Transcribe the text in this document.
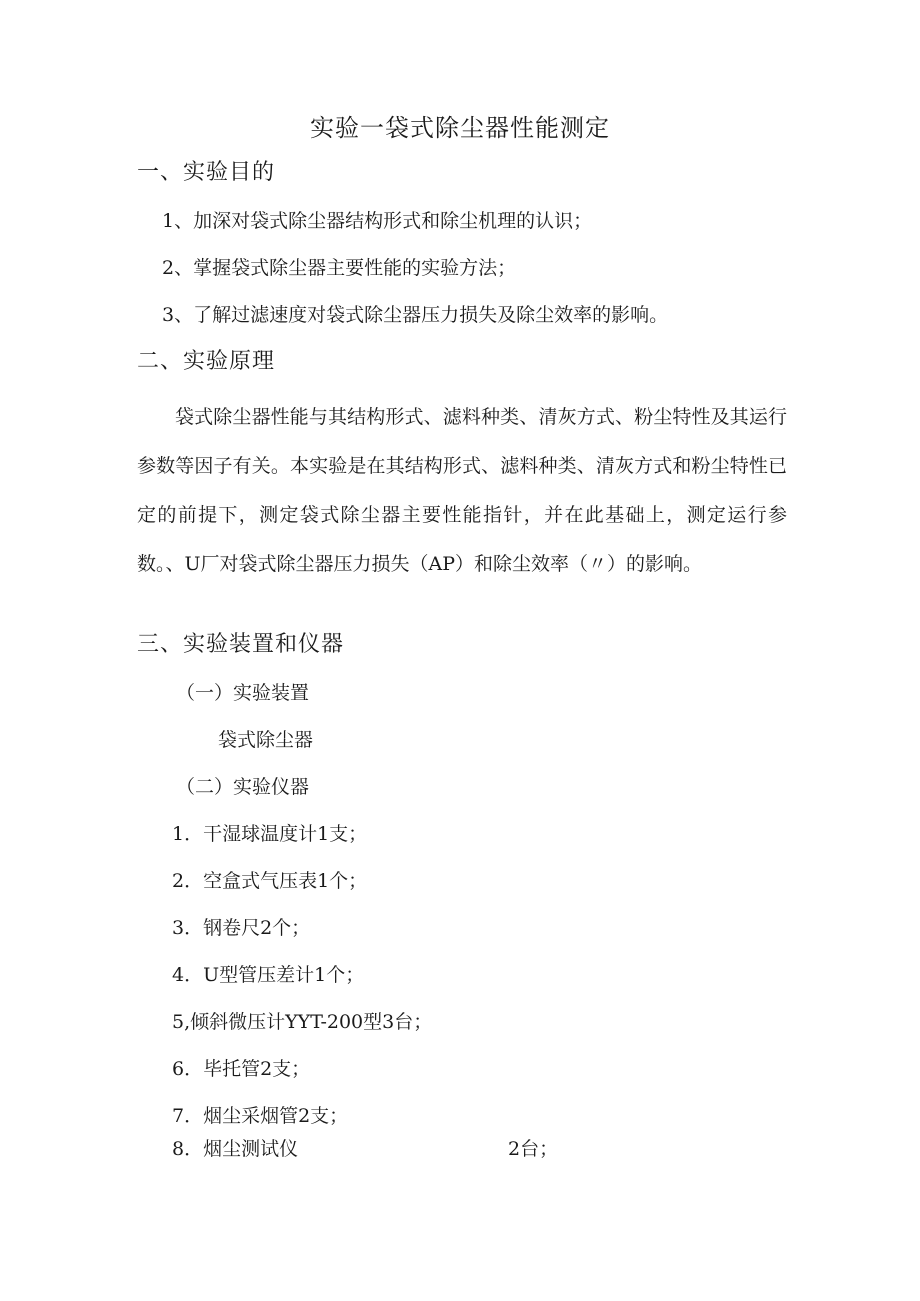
实验一袋式除尘器性能测定
一、实验目的
1、加深对袋式除尘器结构形式和除尘机理的认识；
2、掌握袋式除尘器主要性能的实验方法；
3、了解过滤速度对袋式除尘器压力损失及除尘效率的影响。
二、实验原理
袋式除尘器性能与其结构形式、滤料种类、清灰方式、粉尘特性及其运行参数等因子有关。本实验是在其结构形式、滤料种类、清灰方式和粉尘特性已定的前提下，测定袋式除尘器主要性能指针，并在此基础上，测定运行参数。、U厂对袋式除尘器压力损失（AP）和除尘效率（〃）的影响。
三、实验装置和仪器
（一）实验装置
袋式除尘器
（二）实验仪器
1．干湿球温度计1支；
2．空盒式气压表1个；
3．钢卷尺2个；
4．U型管压差计1个；
5,倾斜微压计YYT-200型3台；
6．毕托管2支；
7．烟尘采烟管2支；
8．烟尘测试仪	2台；
